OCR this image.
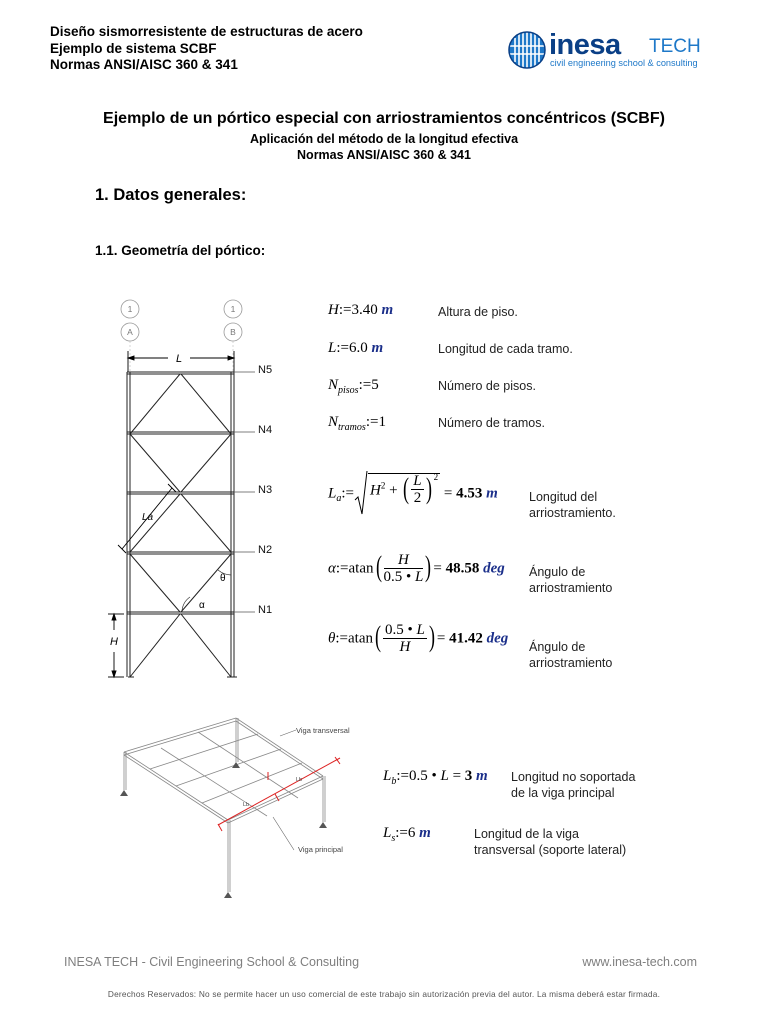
Diseño sismorresistente de estructuras de acero
Ejemplo de sistema SCBF
Normas ANSI/AISC 360 & 341
inesa TECH
civil engineering school & consulting
Ejemplo de un pórtico especial con arriostramientos concéntricos (SCBF)
Aplicación del método de la longitud efectiva
Normas ANSI/AISC 360 & 341
1. Datos generales:
1.1. Geometría del pórtico:
1
A
1
B
L
N5
N4
N3
N2
N1
La
θ
α
H
H:=3.40 m	Altura de piso.
L:=6.0 m	Longitud de cada tramo.
$N_{pisos}:=5$	Número de pisos.
$N_{tramos}:=1$	Número de tramos.
$L_a:= H^2$ + ( $\frac{L}{2}$ ) $^2$ = 4.53 m Longitud del
arriostramiento.
α:=atan( $\frac{H}{0.5 • L}$ ) = 48.58 deg Ángulo de
arriostramiento
θ:=atan( $\frac{0.5 • L}{H}$ ) = 41.42 deg
Ángulo de
arriostramiento
Viga transversal
Viga principal
Lb
Lb
$L_b:=0.5$ • L = 3 m Longitud no soportada
de la viga principal
$L_s:=6$ m	Longitud de la viga
transversal (soporte lateral)
INESA TECH - Civil Engineering School & Consulting	www.inesa-tech.com
Derechos Reservados: No se permite hacer un uso comercial de este trabajo sin autorización previa del autor. La misma deberá estar firmada.
